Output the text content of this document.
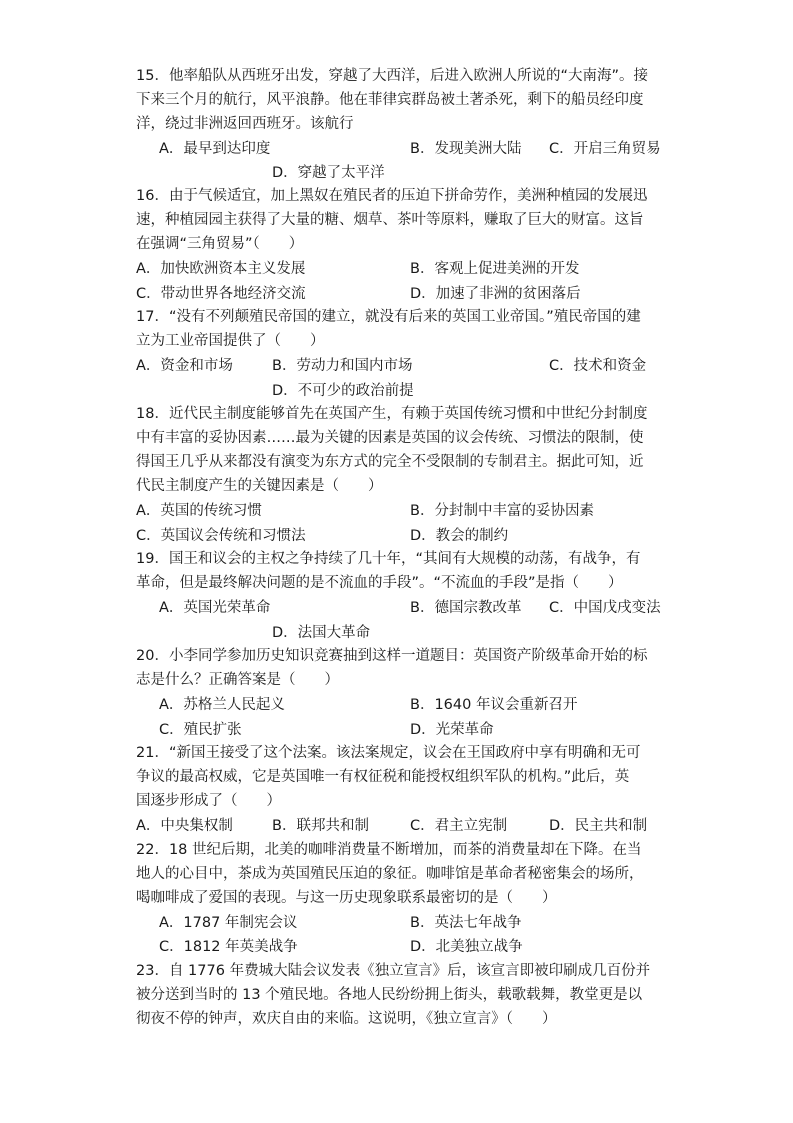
15．他率船队从西班牙出发，穿越了大西洋，后进入欧洲人所说的“大南海”。接
下来三个月的航行，风平浪静。他在菲律宾群岛被土著杀死，剩下的船员经印度
洋，绕过非洲返回西班牙。该航行
A．最早到达印度	B．发现美洲大陆 C．开启三角贸易
D．穿越了太平洋
16．由于气候适宜，加上黑奴在殖民者的压迫下拼命劳作，美洲种植园的发展迅
速，种植园园主获得了大量的糖、烟草、茶叶等原料，赚取了巨大的财富。这旨
在强调“三角贸易”（　　）
A．加快欧洲资本主义发展	B．客观上促进美洲的开发
C．带动世界各地经济交流	D．加速了非洲的贫困落后
17．“没有不列颠殖民帝国的建立，就没有后来的英国工业帝国。”殖民帝国的建
立为工业帝国提供了（　　）
A．资金和市场	B．劳动力和国内市场	C．技术和资金
D．不可少的政治前提
18．近代民主制度能够首先在英国产生，有赖于英国传统习惯和中世纪分封制度
中有丰富的妥协因素……最为关键的因素是英国的议会传统、习惯法的限制，使
得国王几乎从来都没有演变为东方式的完全不受限制的专制君主。据此可知，近
代民主制度产生的关键因素是（　　）
A．英国的传统习惯	B．分封制中丰富的妥协因素
C．英国议会传统和习惯法	D．教会的制约
19．国王和议会的主权之争持续了几十年，“其间有大规模的动荡，有战争，有
革命，但是最终解决问题的是不流血的手段”。“不流血的手段”是指（　　）
A．英国光荣革命	B．德国宗教改革 C．中国戊戌变法
D．法国大革命
20．小李同学参加历史知识竞赛抽到这样一道题目：英国资产阶级革命开始的标
志是什么？正确答案是（　　）
A．苏格兰人民起义	B．1640 年议会重新召开
C．殖民扩张	D．光荣革命
21．“新国王接受了这个法案。该法案规定，议会在王国政府中享有明确和无可
争议的最高权威，它是英国唯一有权征税和能授权组织军队的机构。”此后，英
国逐步形成了（　　）
A．中央集权制	B．联邦共和制	C．君主立宪制	D．民主共和制
22．18 世纪后期，北美的咖啡消费量不断增加，而茶的消费量却在下降。在当
地人的心目中，茶成为英国殖民压迫的象征。咖啡馆是革命者秘密集会的场所，
喝咖啡成了爱国的表现。与这一历史现象联系最密切的是（　　）
A．1787 年制宪会议	B．英法七年战争
C．1812 年英美战争	D．北美独立战争
23．自 1776 年费城大陆会议发表《独立宣言》后，该宣言即被印刷成几百份并
被分送到当时的 13 个殖民地。各地人民纷纷拥上街头，载歌载舞，教堂更是以
彻夜不停的钟声，欢庆自由的来临。这说明，《独立宣言》（　　）
